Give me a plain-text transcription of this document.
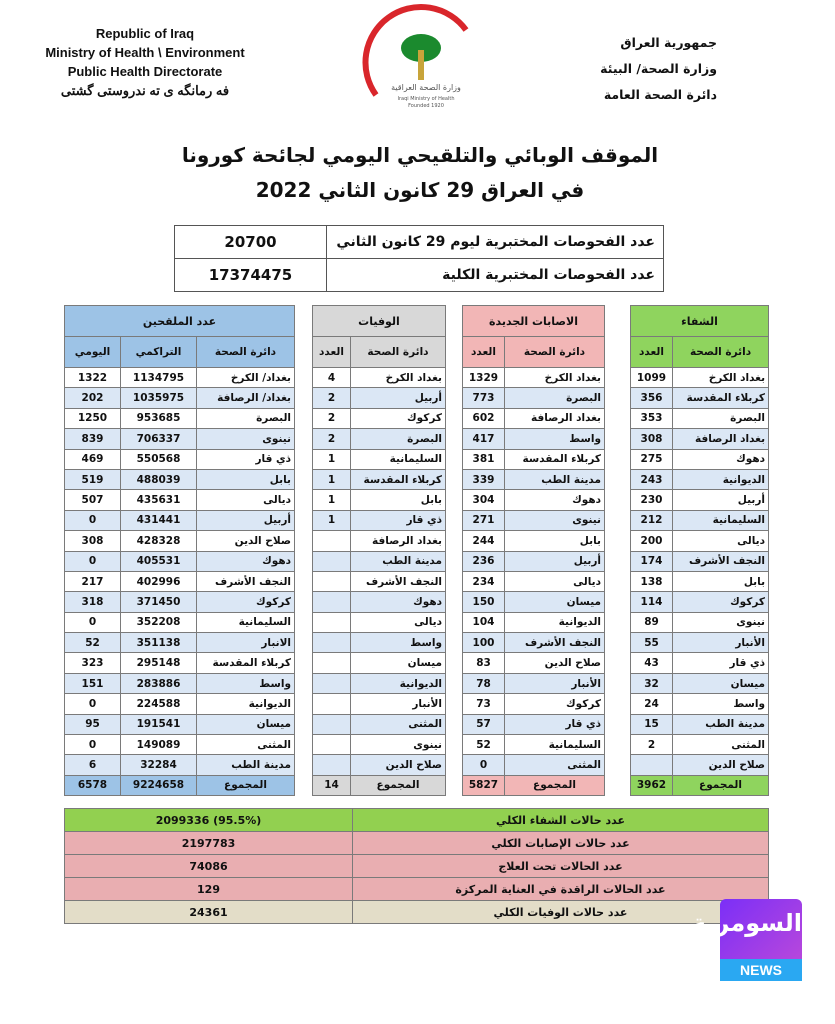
Republic of Iraq
Ministry of Health \ Environment
Public Health Directorate
فه رمانگه ی ته ندروستی گشتی	وزارة الصحة العراقية
Iraqi Ministry of Health
Founded 1920
جمهورية العراق
وزارة الصحة/ البيئة
دائرة الصحة العامة
الموقف الوبائي والتلقيحي اليومي لجائحة كورونا
في العراق 29 كانون الثاني 2022
20700	عدد الفحوصات المختبرية ليوم 29 كانون الثاني
17374475	عدد الفحوصات المختبرية الكلية
عدد الملقحين		
اليومي	التراكمي	دائرة الصحة
1322	1134795	بغداد/ الكرخ
202	1035975	بغداد/ الرصافة
1250	953685	البصرة
839	706337	نينوى
469	550568	ذي قار
519	488039	بابل
507	435631	ديالى
0	431441	أربيل
308	428328	صلاح الدين
0	405531	دهوك
217	402996	النجف الأشرف
318	371450	كركوك
0	352208	السليمانية
52	351138	الانبار
323	295148	كربلاء المقدسة
151	283886	واسط
0	224588	الديوانية
95	191541	ميسان
0	149089	المثنى
6	32284	مدينة الطب
6578	9224658	المجموع
الوفيات	
العدد	دائرة الصحة
4	بغداد الكرخ
2	أربيل
2	كركوك
2	البصرة
1	السليمانية
1	كربلاء المقدسة
1	بابل
1	ذي قار
	بغداد الرصافة
	مدينة الطب
	النجف الأشرف
	دهوك
	ديالى
	واسط
	ميسان
	الديوانية
	الأنبار
	المثنى
	نينوى
	صلاح الدين
14	المجموع
الاصابات الجديدة	
العدد	دائرة الصحة
1329	بغداد الكرخ
773	البصرة
602	بغداد الرصافة
417	واسط
381	كربلاء المقدسة
339	مدينة الطب
304	دهوك
271	نينوى
244	بابل
236	أربيل
234	ديالى
150	ميسان
104	الديوانية
100	النجف الأشرف
83	صلاح الدين
78	الأنبار
73	كركوك
57	ذي قار
52	السليمانية
0	المثنى
5827	المجموع
الشفاء	
العدد	دائرة الصحة
1099	بغداد الكرخ
356	كربلاء المقدسة
353	البصرة
308	بغداد الرصافة
275	دهوك
243	الديوانية
230	أربيل
212	السليمانية
200	ديالى
174	النجف الأشرف
138	بابل
114	كركوك
89	نينوى
55	الأنبار
43	ذي قار
32	ميسان
24	واسط
15	مدينة الطب
2	المثنى
	صلاح الدين
3962	المجموع
2099336 (95.5%)	عدد حالات الشفاء الكلي
2197783	عدد حالات الإصابات الكلي
74086	عدد الحالات تحت العلاج
129	عدد الحالات الراقدة في العناية المركزة
24361	عدد حالات الوفيات الكلي	السومرية
NEWS
